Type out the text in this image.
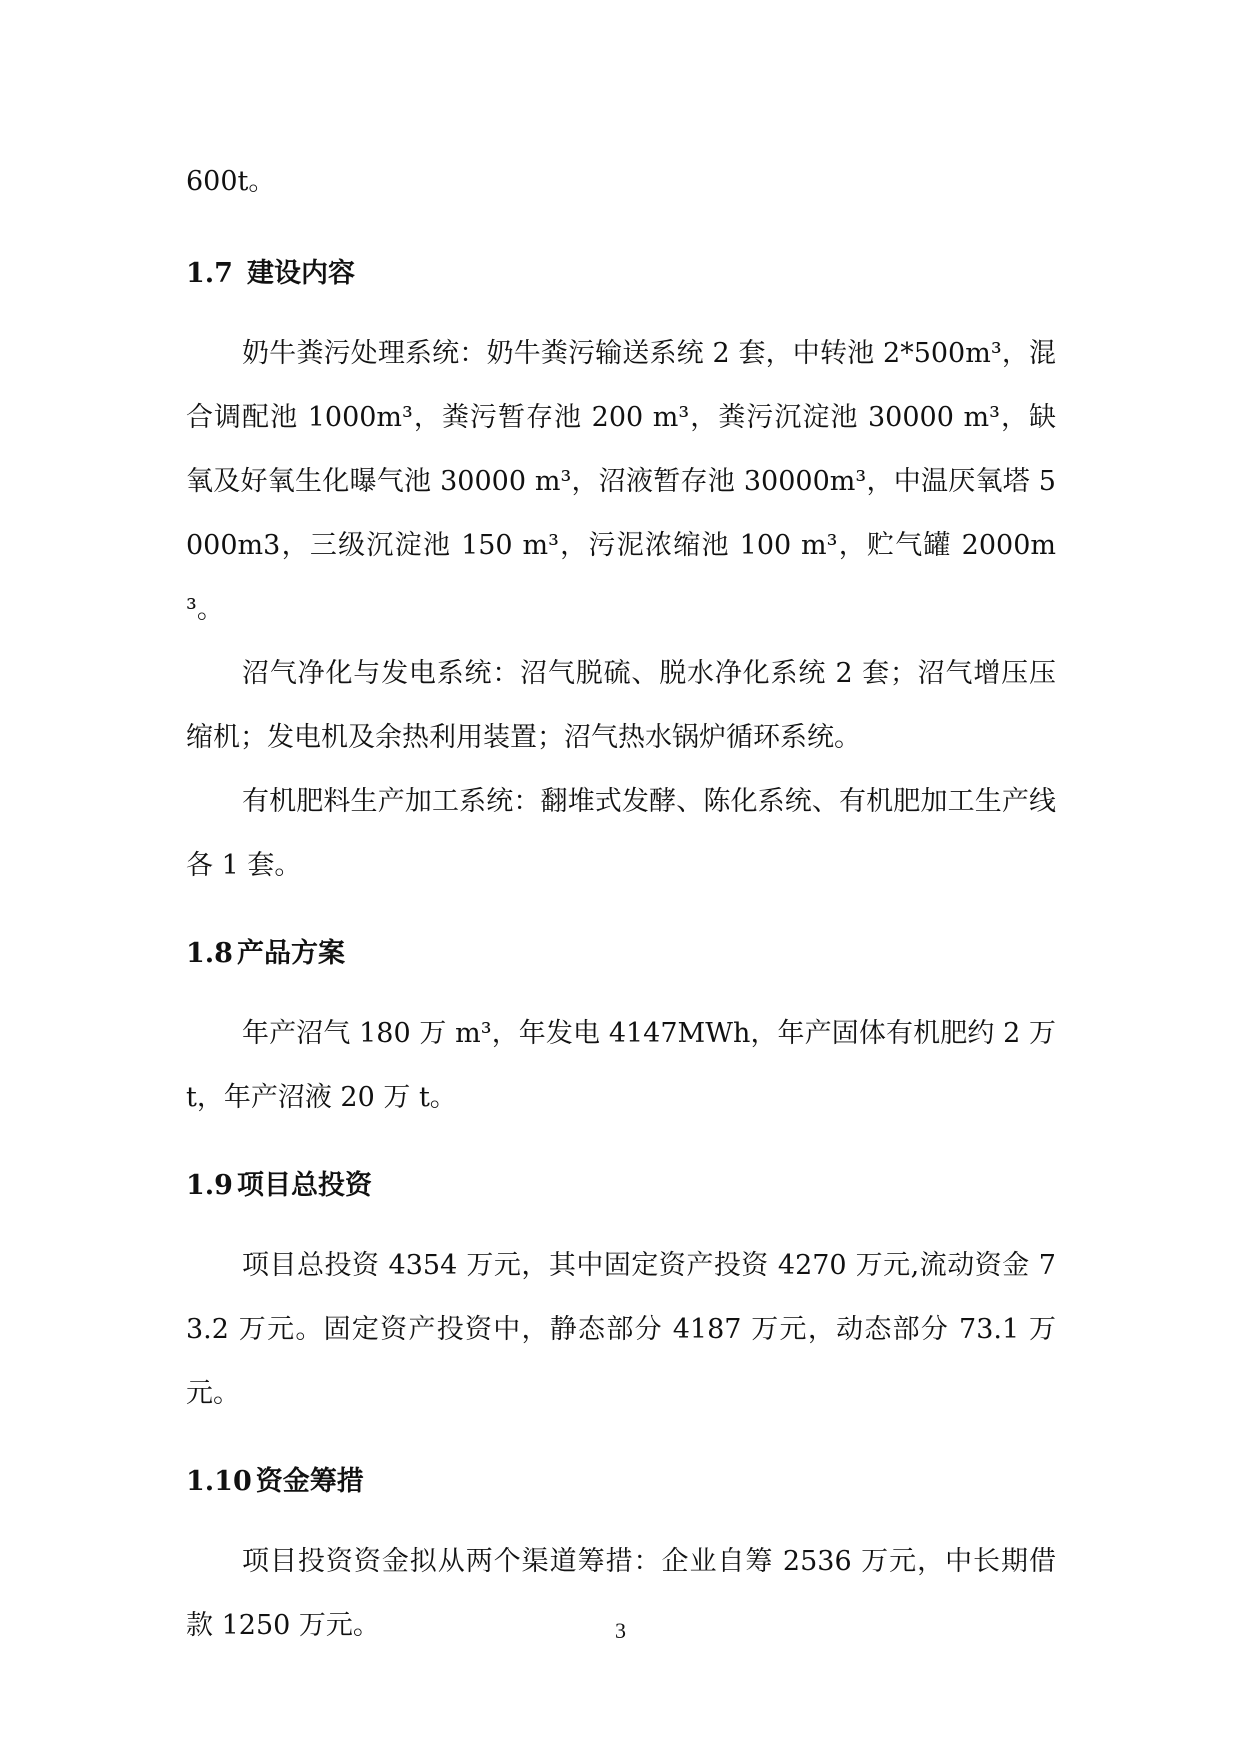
600t。

1.7 建设内容

奶牛粪污处理系统：奶牛粪污输送系统 2 套，中转池 2*500m³，混合调配池 1000m³，粪污暂存池 200 m³，粪污沉淀池 30000 m³，缺氧及好氧生化曝气池 30000 m³，沼液暂存池 30000m³，中温厌氧塔 5000m3，三级沉淀池 150 m³，污泥浓缩池 100 m³，贮气罐 2000m³。

沼气净化与发电系统：沼气脱硫、脱水净化系统 2 套；沼气增压压缩机；发电机及余热利用装置；沼气热水锅炉循环系统。

有机肥料生产加工系统：翻堆式发酵、陈化系统、有机肥加工生产线各 1 套。

1.8 产品方案

年产沼气 180 万 m³，年发电 4147MWh，年产固体有机肥约 2 万 t，年产沼液 20 万 t。

1.9 项目总投资

项目总投资 4354 万元，其中固定资产投资 4270 万元,流动资金 73.2 万元。固定资产投资中，静态部分 4187 万元，动态部分 73.1 万元。

1.10 资金筹措

项目投资资金拟从两个渠道筹措：企业自筹 2536 万元，中长期借款 1250 万元。	3
